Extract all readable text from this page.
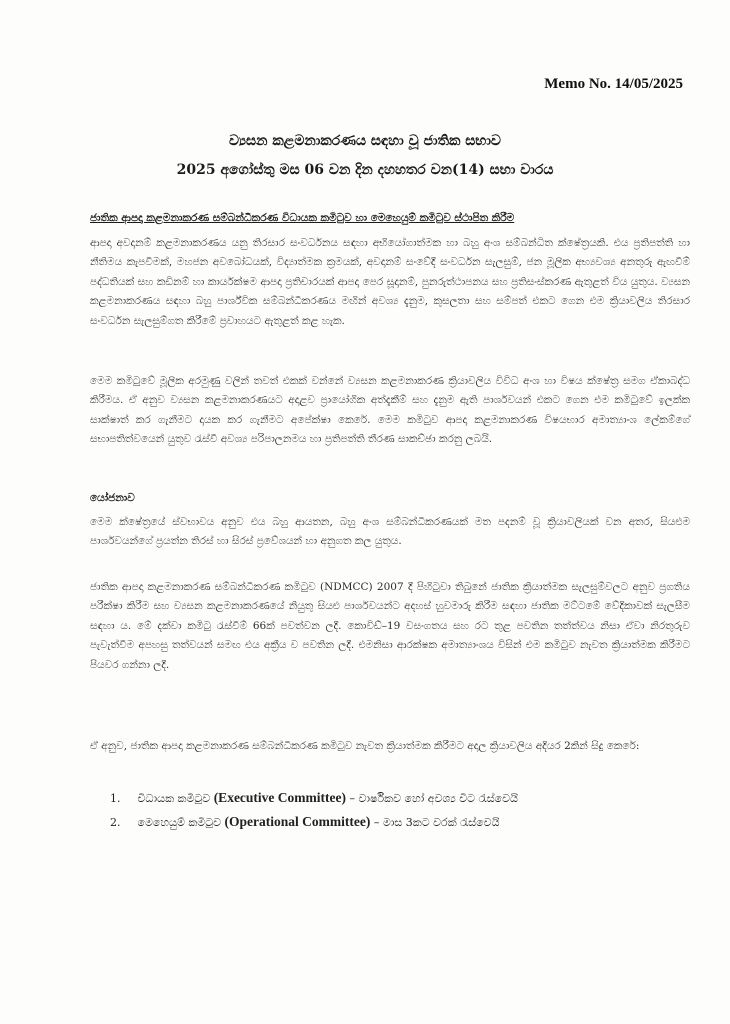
Memo No. 14/05/2025
ව්‍යසන කළමනාකරණය සඳහා වූ ජාතික සභාව
2025 අගෝස්තු මස 06 වන දින දහහතර වන(14) සභා වාරය
ජාතික ආපදා කළමනාකරණ සම්බන්ධීකරණ විධායක කමිටුව හා මෙහෙයුම් කමිටුව ස්ථාපිත කිරීම

ආපදා අවදානම් කළමනාකරණය යනු තිරසාර සංවර්ධනය සඳහා අභියෝගාත්මක හා බහු අංශ සම්බන්ධිත ක්ෂේත්‍රයකි. එය ප්‍රතිපත්ති හා නීතිමය කැපවීමක්, මහජන අවබෝධයක්, විද්‍යාත්මක ක්‍රමයක්, අවදානම් සංවේදී සංවර්ධන සැලසුම්, ජන මූලික අභ්‍යවශ්‍ය අනතුරු ඇඟවීම් පද්ධතියක් සහ කඩිනම් හා කාර්යක්ෂම ආපදා ප්‍රතිචාරයක් ආපදා පෙර සූදානම්, පුනරුත්ථාපනය සහ ප්‍රතිසංස්කරණ ඇතුළත් විය යුතුය. ව්‍යසන කළමනාකරණය සඳහා බහු පාර්ශ්වික සම්බන්ධීකරණය මඟින් අවශ්‍ය දැනුම, කුසලතා සහ සම්පත් එකට ගෙන එම ක්‍රියාවලිය තිරසාර සංවර්ධන සැලසුම්ගත කිරීමේ ප්‍රවාහයට ඇතුළත් කළ හැක.

මෙම කමිටුවේ මූලික අරමුණු වලින් තවත් එකක් වන්නේ ව්‍යසන කළමනාකරණ ක්‍රියාවලිය විවිධ අංශ හා විෂය ක්ෂේත්‍ර සමග ඒකාබද්ධ කිරීමය. ඒ අනුව ව්‍යසන කළමනාකරණයට අදාළව ප්‍රායෝගික අත්දැකීම් සහ දැනුම ඇති පාර්ශවයන් එකට ගෙන එම කමිටුවේ ඉලක්ක සාක්ෂාත් කර ගැනීමට දායක කර ගැනීමට අපේක්ෂා කෙරේ. මෙම කමිටුව ආපදා කළමනාකරණ විෂයභාර අමාත්‍යාංශ ලේකම්ගේ සභාපතිත්වයෙන් යුතුව රැස්වී අවශ්‍ය පරිපාලනමය හා ප්‍රතිපත්ති තීරණ සාකච්ඡා කරනු ලබයි.

යෝජනාව

මෙම ක්ෂේත්‍රයේ ස්වභාවය අනුව එය බහු ආයතන, බහු අංශ සම්බන්ධීකරණයක් මත පදනම් වූ ක්‍රියාවලියක් වන අතර, සියළුම පාර්ශවයන්ගේ ප්‍රයත්න තිරස් හා සිරස් ප්‍රවේශයන් හා අනුගත කල යුතුය.

ජාතික ආපදා කළමනාකරණ සම්බන්ධීකරණ කමිටුව (NDMCC) 2007 දී පිහිටුවා තිබුනේ ජාතික ක්‍රියාත්මක සැලසුම්වලට අනුව ප්‍රගතිය පරීක්ෂා කිරීම සහ ව්‍යසන කළමනාකරණයේ නියුතු සියළු පාර්ශවයන්ට අදහස් හුවමාරු කිරීම සඳහා ජාතික මට්ටමේ වේදිකාවක් සැලසීම සඳහා ය. මේ දක්වා කමිටු රැස්වීම් 66ක් පවත්වන ලදී. කොවිඩ්–19 වසංගතය සහ රට තුළ පවතින තත්ත්වය නිසා ඒවා නිරතුරුව පැවැත්වීම අපහසු තත්වයන් සමඟ එය අක්‍රීය ව පවතින ලදී. එමනිසා ආරක්ෂක අමාත්‍යාංශය විසින් එම කමිටුව නැවත ක්‍රියාත්මක කිරීමට පියවර ගන්නා ලදී.

ඒ අනුව, ජාතික ආපදා කළමනාකරණ සම්බන්ධීකරණ කමිටුව නැවත ක්‍රියාත්මක කිරීමට අදාල ක්‍රියාවලිය අදියර 2කින් සිදු කෙරේ:

1. විධායක කමිටුව (Executive Committee) – වාර්ෂිකව හෝ අවශ්‍ය විට රැස්වෙයි
2. මෙහෙයුම් කමිටුව (Operational Committee) – මාස 3කට වරක් රැස්වෙයි
